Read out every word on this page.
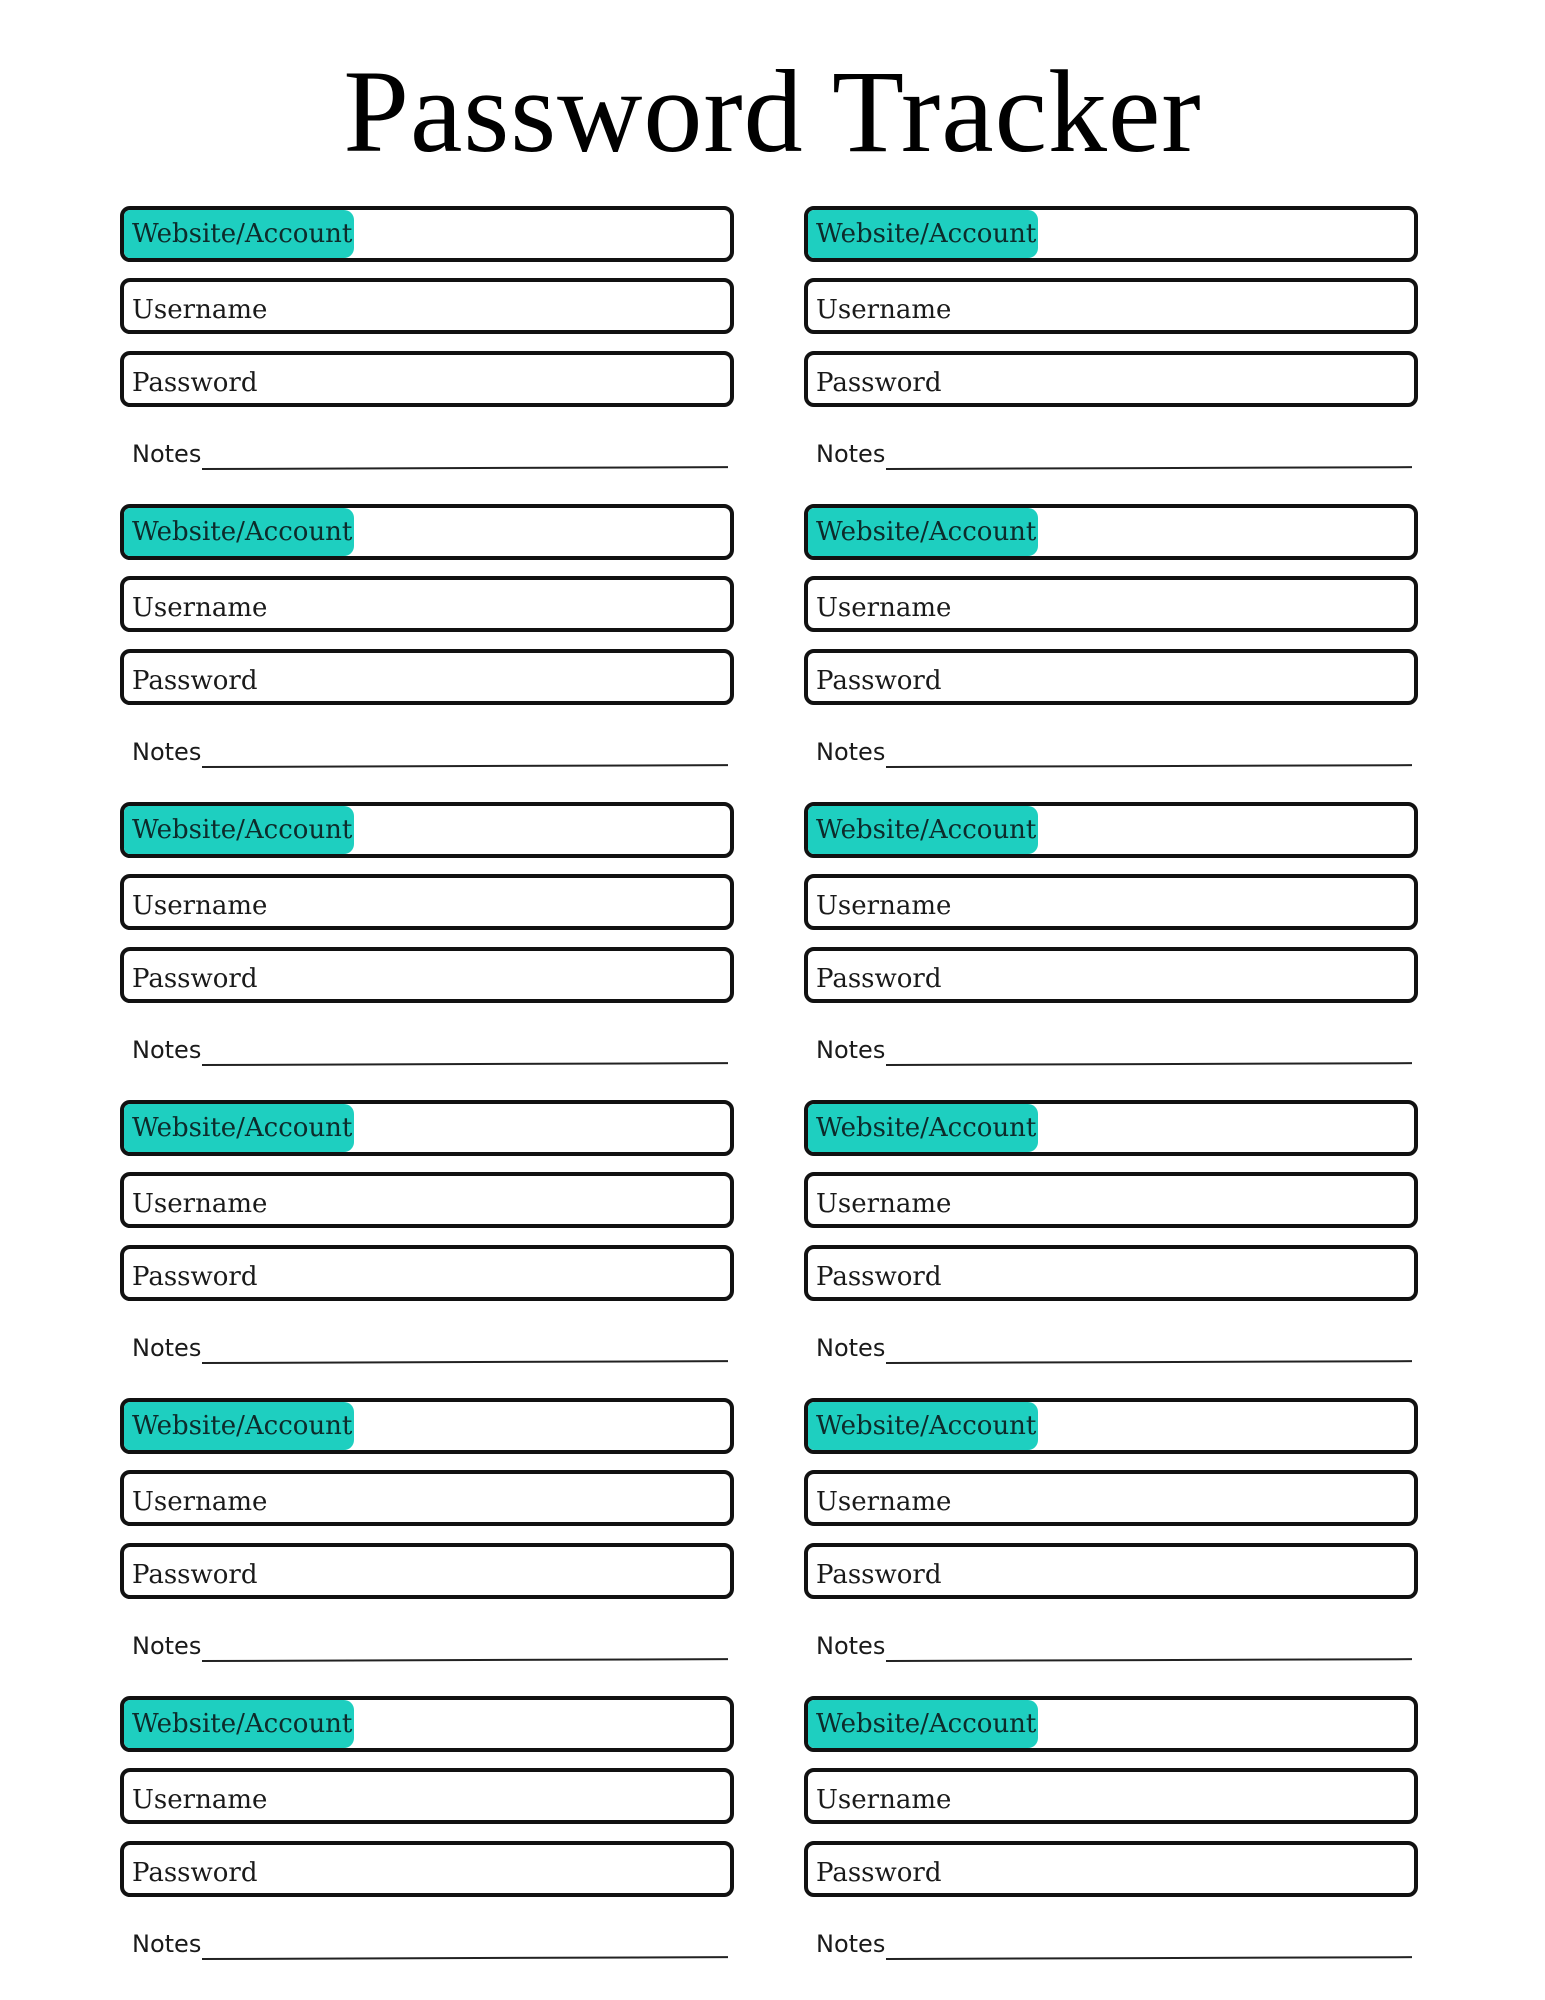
Password Tracker
Website/Account
Username
Password
Notes
Website/Account
Username
Password
Notes
Website/Account
Username
Password
Notes
Website/Account
Username
Password
Notes
Website/Account
Username
Password
Notes
Website/Account
Username
Password
Notes
Website/Account
Username
Password
Notes
Website/Account
Username
Password
Notes
Website/Account
Username
Password
Notes
Website/Account
Username
Password
Notes
Website/Account
Username
Password
Notes
Website/Account
Username
Password
Notes
